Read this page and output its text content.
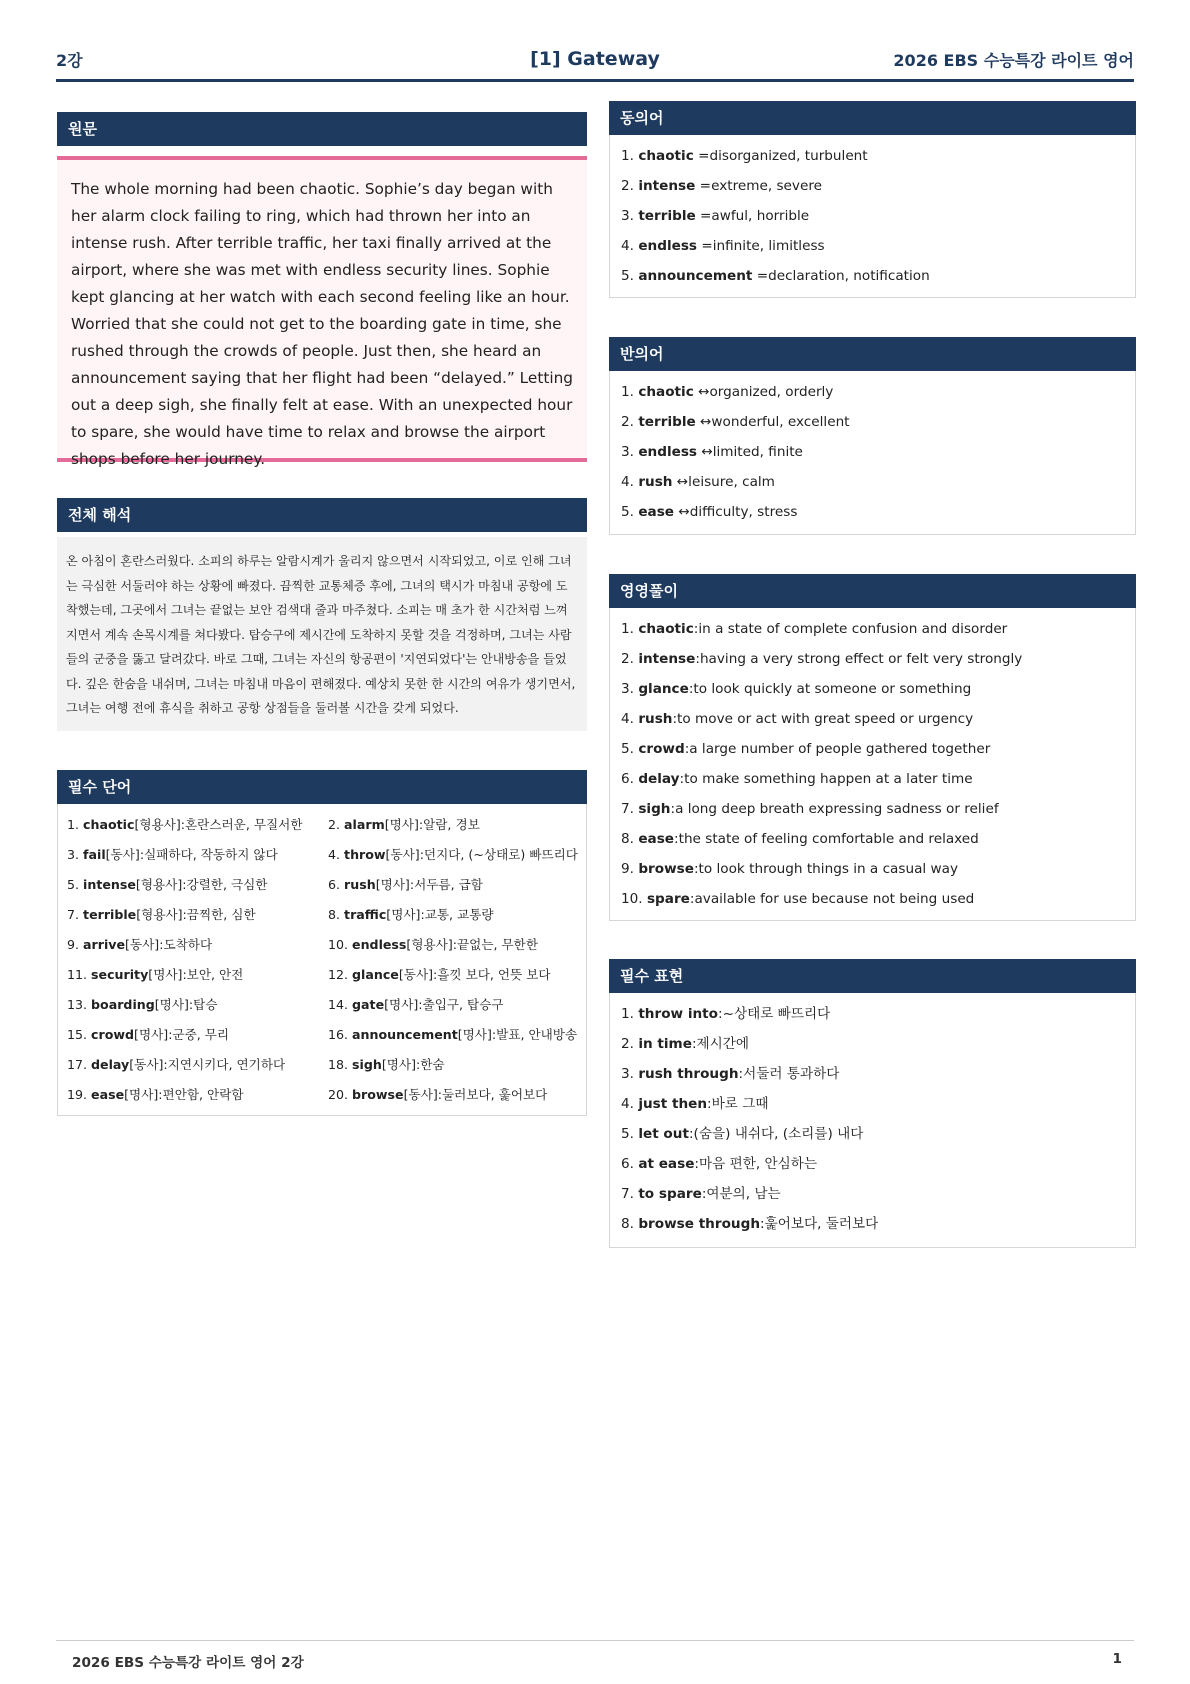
2강	[1] Gateway	2026 EBS 수능특강 라이트 영어
원문
The whole morning had been chaotic. Sophie’s day began with her alarm clock failing to ring, which had thrown her into an intense rush. After terrible traffic, her taxi finally arrived at the airport, where she was met with endless security lines. Sophie kept glancing at her watch with each second feeling like an hour. Worried that she could not get to the boarding gate in time, she rushed through the crowds of people. Just then, she heard an announcement saying that her flight had been “delayed.” Letting out a deep sigh, she finally felt at ease. With an unexpected hour to spare, she would have time to relax and browse the airport shops before her journey.
전체 해석
온 아침이 혼란스러웠다. 소피의 하루는 알람시계가 울리지 않으면서 시작되었고, 이로 인해 그녀는 극심한 서둘러야 하는 상황에 빠졌다. 끔찍한 교통체증 후에, 그녀의 택시가 마침내 공항에 도착했는데, 그곳에서 그녀는 끝없는 보안 검색대 줄과 마주쳤다. 소피는 매 초가 한 시간처럼 느껴지면서 계속 손목시계를 쳐다봤다. 탑승구에 제시간에 도착하지 못할 것을 걱정하며, 그녀는 사람들의 군중을 뚫고 달려갔다. 바로 그때, 그녀는 자신의 항공편이 '지연되었다'는 안내방송을 들었다. 깊은 한숨을 내쉬며, 그녀는 마침내 마음이 편해졌다. 예상치 못한 한 시간의 여유가 생기면서, 그녀는 여행 전에 휴식을 취하고 공항 상점들을 둘러볼 시간을 갖게 되었다.
필수 단어
1. chaotic[형용사]:혼란스러운, 무질서한	2. alarm[명사]:알람, 경보
3. fail[동사]:실패하다, 작동하지 않다	4. throw[동사]:던지다, (~상태로) 빠뜨리다
5. intense[형용사]:강렬한, 극심한	6. rush[명사]:서두름, 급함
7. terrible[형용사]:끔찍한, 심한	8. traffic[명사]:교통, 교통량
9. arrive[동사]:도착하다	10. endless[형용사]:끝없는, 무한한
11. security[명사]:보안, 안전	12. glance[동사]:흘낏 보다, 언뜻 보다
13. boarding[명사]:탑승	14. gate[명사]:출입구, 탑승구
15. crowd[명사]:군중, 무리	16. announcement[명사]:발표, 안내방송
17. delay[동사]:지연시키다, 연기하다	18. sigh[명사]:한숨
19. ease[명사]:편안함, 안락함	20. browse[동사]:둘러보다, 훑어보다
동의어
1. chaotic =disorganized, turbulent
2. intense =extreme, severe
3. terrible =awful, horrible
4. endless =infinite, limitless
5. announcement =declaration, notification
반의어
1. chaotic ↔organized, orderly
2. terrible ↔wonderful, excellent
3. endless ↔limited, finite
4. rush ↔leisure, calm
5. ease ↔difficulty, stress
영영풀이
1. chaotic:in a state of complete confusion and disorder
2. intense:having a very strong effect or felt very strongly
3. glance:to look quickly at someone or something
4. rush:to move or act with great speed or urgency
5. crowd:a large number of people gathered together
6. delay:to make something happen at a later time
7. sigh:a long deep breath expressing sadness or relief
8. ease:the state of feeling comfortable and relaxed
9. browse:to look through things in a casual way
10. spare:available for use because not being used
필수 표현
1. throw into:~상태로 빠뜨리다
2. in time:제시간에
3. rush through:서둘러 통과하다
4. just then:바로 그때
5. let out:(숨을) 내쉬다, (소리를) 내다
6. at ease:마음 편한, 안심하는
7. to spare:여분의, 남는
8. browse through:훑어보다, 둘러보다
2026 EBS 수능특강 라이트 영어 2강	1
